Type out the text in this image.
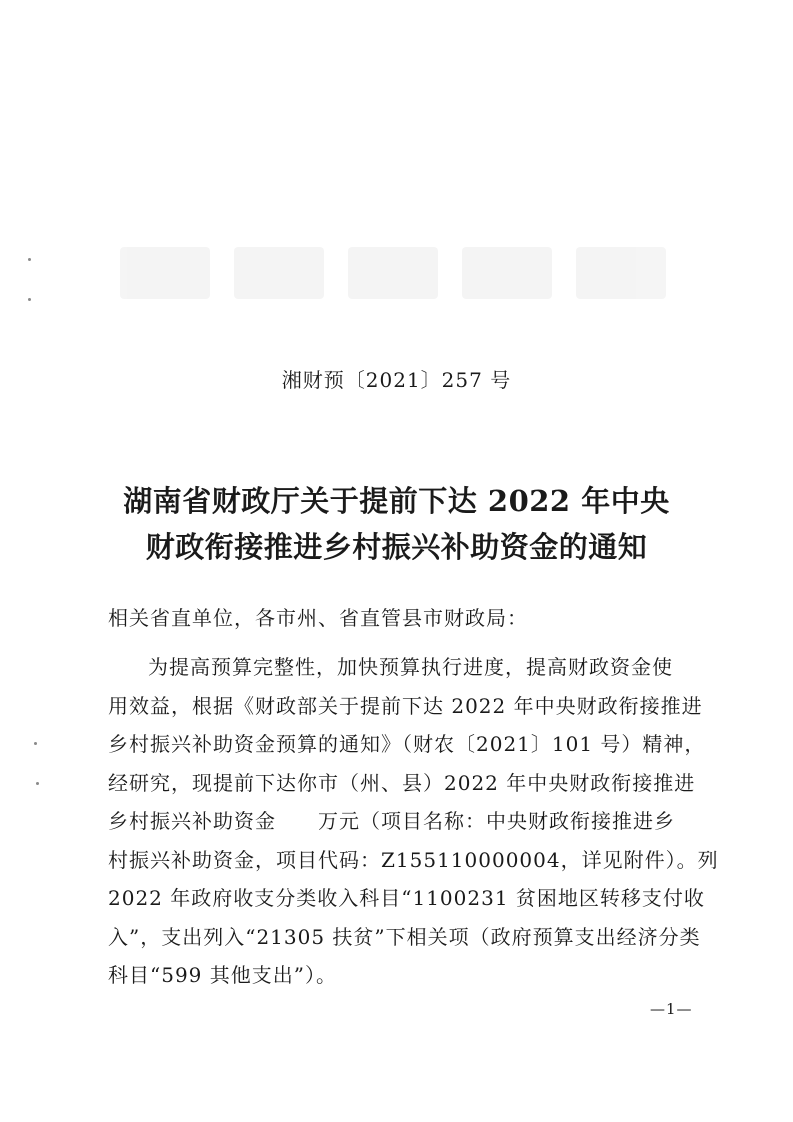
湘财预〔2021〕257 号
湖南省财政厅关于提前下达 2022 年中央
财政衔接推进乡村振兴补助资金的通知
相关省直单位，各市州、省直管县市财政局：
为提高预算完整性，加快预算执行进度，提高财政资金使
用效益，根据《财政部关于提前下达 2022 年中央财政衔接推进
乡村振兴补助资金预算的通知》（财农〔2021〕101 号）精神，
经研究，现提前下达你市（州、县）2022 年中央财政衔接推进
乡村振兴补助资金　　万元（项目名称：中央财政衔接推进乡
村振兴补助资金，项目代码：Z155110000004，详见附件）。列
2022 年政府收支分类收入科目“1100231 贫困地区转移支付收
入”，支出列入“21305 扶贫”下相关项（政府预算支出经济分类
科目“599 其他支出”）。
—1—
